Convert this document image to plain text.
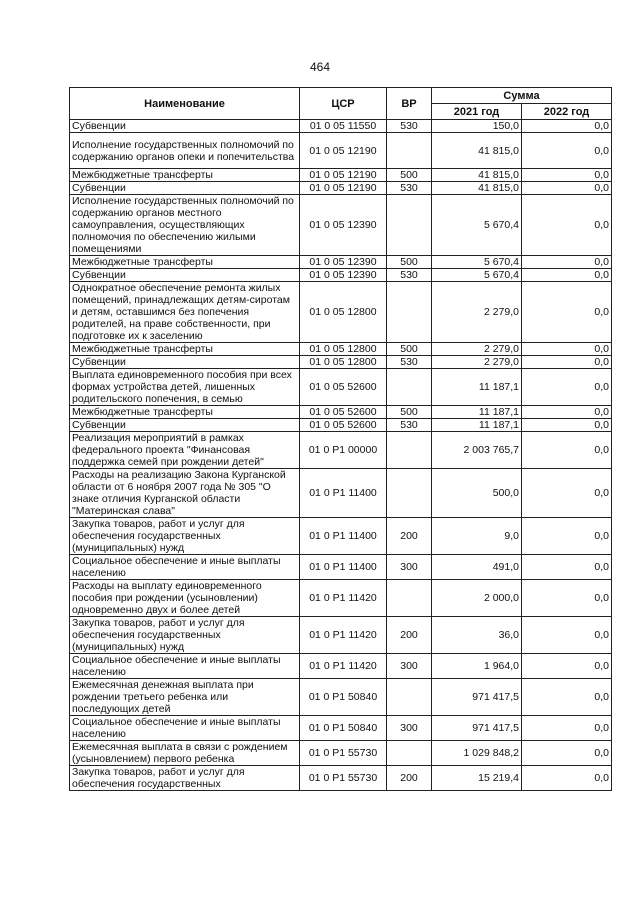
464
Наименование	ЦСР	ВР	Сумма	
			2021 год	2022 год
Субвенции	01 0 05 11550	530	150,0	0,0
Исполнение государственных полномочий по содержанию органов опеки и попечительства	01 0 05 12190		41 815,0	0,0
Межбюджетные трансферты	01 0 05 12190	500	41 815,0	0,0
Субвенции	01 0 05 12190	530	41 815,0	0,0
Исполнение государственных полномочий по содержанию органов местного самоуправления, осуществляющих полномочия по обеспечению жилыми помещениями	01 0 05 12390		5 670,4	0,0
Межбюджетные трансферты	01 0 05 12390	500	5 670,4	0,0
Субвенции	01 0 05 12390	530	5 670,4	0,0
Однократное обеспечение ремонта жилых помещений, принадлежащих детям-сиротам и детям, оставшимся без попечения родителей, на праве собственности, при подготовке их к заселению	01 0 05 12800		2 279,0	0,0
Межбюджетные трансферты	01 0 05 12800	500	2 279,0	0,0
Субвенции	01 0 05 12800	530	2 279,0	0,0
Выплата единовременного пособия при всех формах устройства детей, лишенных родительского попечения, в семью	01 0 05 52600		11 187,1	0,0
Межбюджетные трансферты	01 0 05 52600	500	11 187,1	0,0
Субвенции	01 0 05 52600	530	11 187,1	0,0
Реализация мероприятий в рамках федерального проекта "Финансовая поддержка семей при рождении детей"	01 0 P1 00000		2 003 765,7	0,0
Расходы на реализацию Закона Курганской области от 6 ноября 2007 года № 305 "О знаке отличия Курганской области "Материнская слава"	01 0 P1 11400		500,0	0,0
Закупка товаров, работ и услуг для обеспечения государственных (муниципальных) нужд	01 0 P1 11400	200	9,0	0,0
Социальное обеспечение и иные выплаты населению	01 0 P1 11400	300	491,0	0,0
Расходы на выплату единовременного пособия при рождении (усыновлении) одновременно двух и более детей	01 0 P1 11420		2 000,0	0,0
Закупка товаров, работ и услуг для обеспечения государственных (муниципальных) нужд	01 0 P1 11420	200	36,0	0,0
Социальное обеспечение и иные выплаты населению	01 0 P1 11420	300	1 964,0	0,0
Ежемесячная денежная выплата при рождении третьего ребенка или последующих детей	01 0 P1 50840		971 417,5	0,0
Социальное обеспечение и иные выплаты населению	01 0 P1 50840	300	971 417,5	0,0
Ежемесячная выплата в связи с рождением (усыновлением) первого ребенка	01 0 P1 55730		1 029 848,2	0,0
Закупка товаров, работ и услуг для обеспечения государственных	01 0 P1 55730	200	15 219,4	0,0
